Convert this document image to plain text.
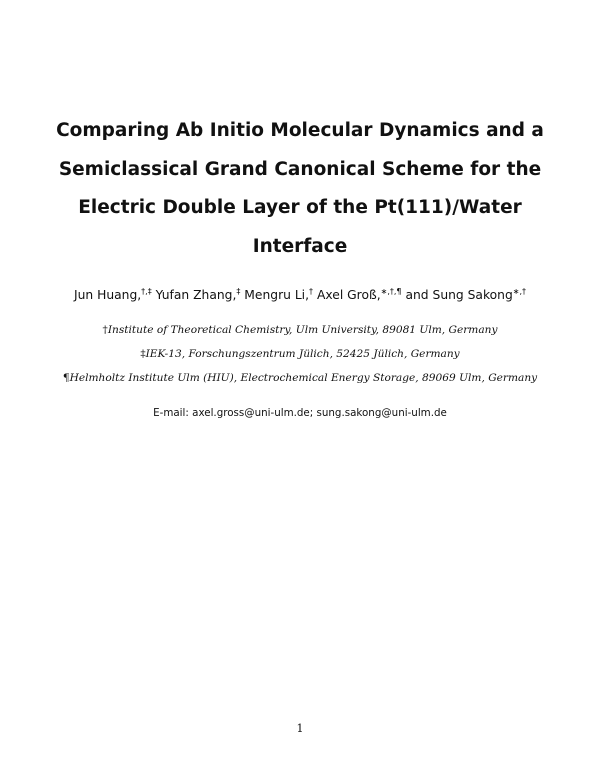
Comparing Ab Initio Molecular Dynamics and a Semiclassical Grand Canonical Scheme for the Electric Double Layer of the Pt(111)/Water Interface
Jun Huang,†,‡ Yufan Zhang,‡ Mengru Li,† Axel Groß,∗,†,¶ and Sung Sakong∗,†
†Institute of Theoretical Chemistry, Ulm University, 89081 Ulm, Germany
‡IEK-13, Forschungszentrum Jülich, 52425 Jülich, Germany
¶Helmholtz Institute Ulm (HIU), Electrochemical Energy Storage, 89069 Ulm, Germany
E-mail: axel.gross@uni-ulm.de; sung.sakong@uni-ulm.de
1
